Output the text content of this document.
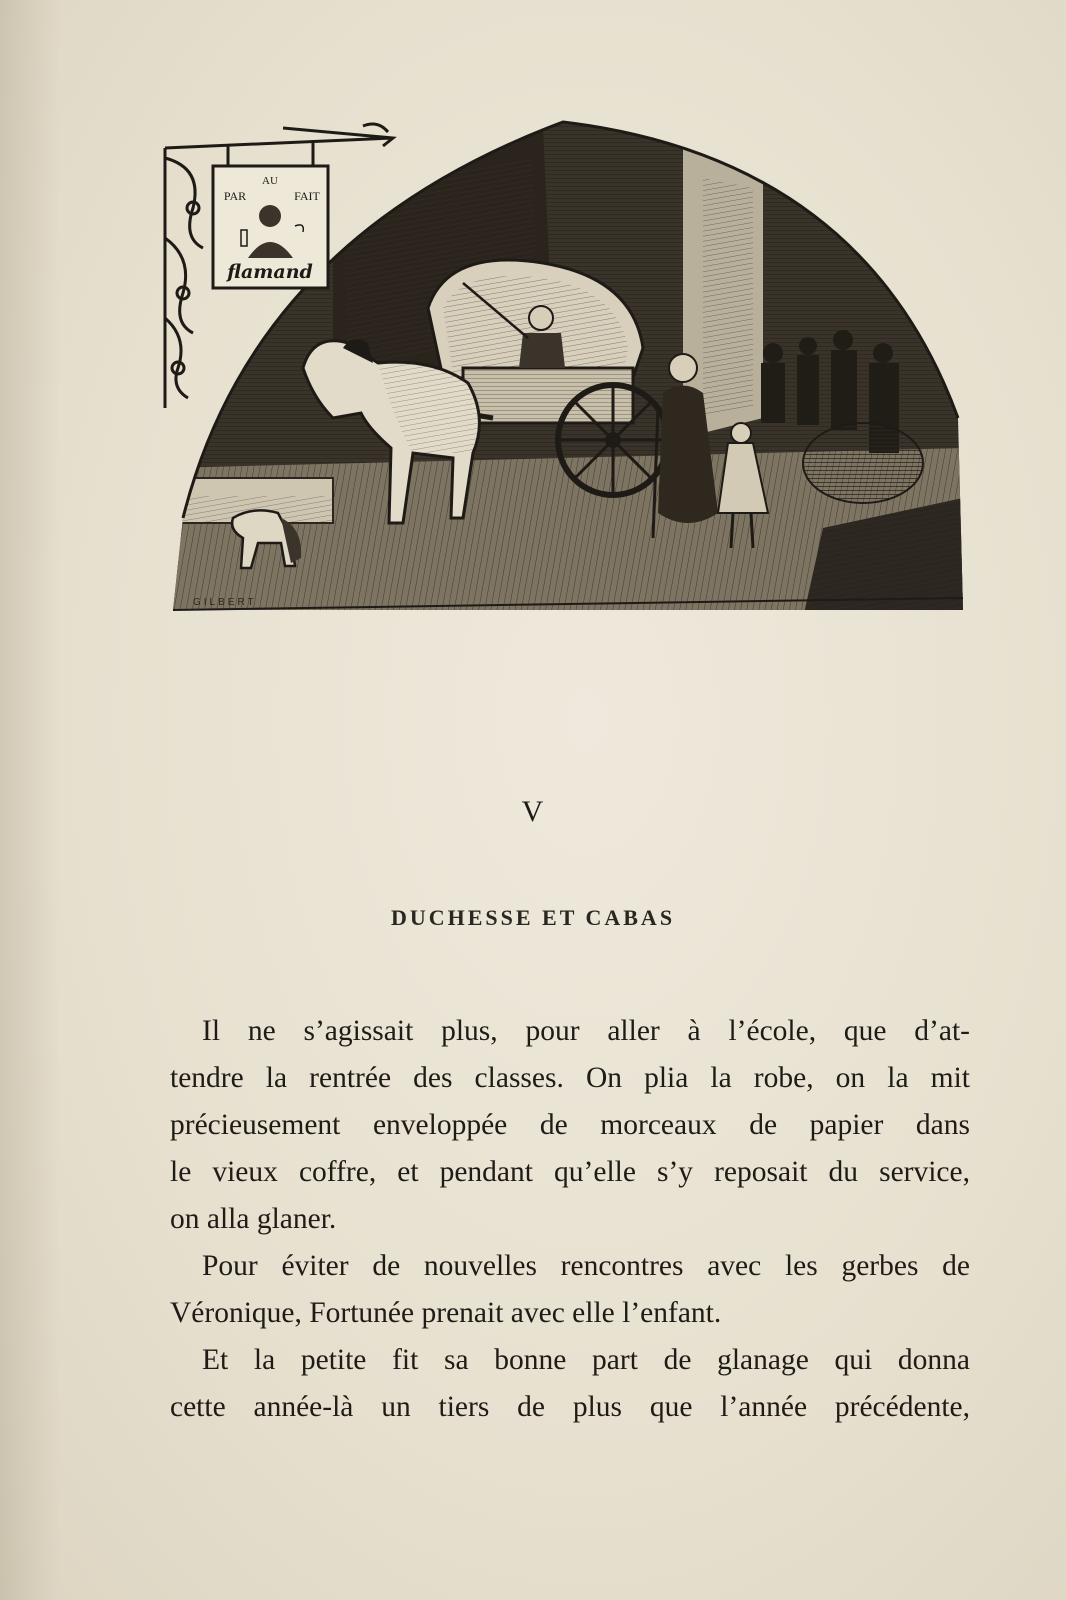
AU
PAR	FAIT
flamand
GILBERT
JACOB-ZILL
V
DUCHESSE ET CABAS
Il ne s’agissait plus, pour aller à l’école, que d’at-
tendre la rentrée des classes. On plia la robe, on la mit
précieusement enveloppée de morceaux de papier dans
le vieux coffre, et pendant qu’elle s’y reposait du service,
on alla glaner.
Pour éviter de nouvelles rencontres avec les gerbes de
Véronique, Fortunée prenait avec elle l’enfant.
Et la petite fit sa bonne part de glanage qui donna
cette année-là un tiers de plus que l’année précédente,
